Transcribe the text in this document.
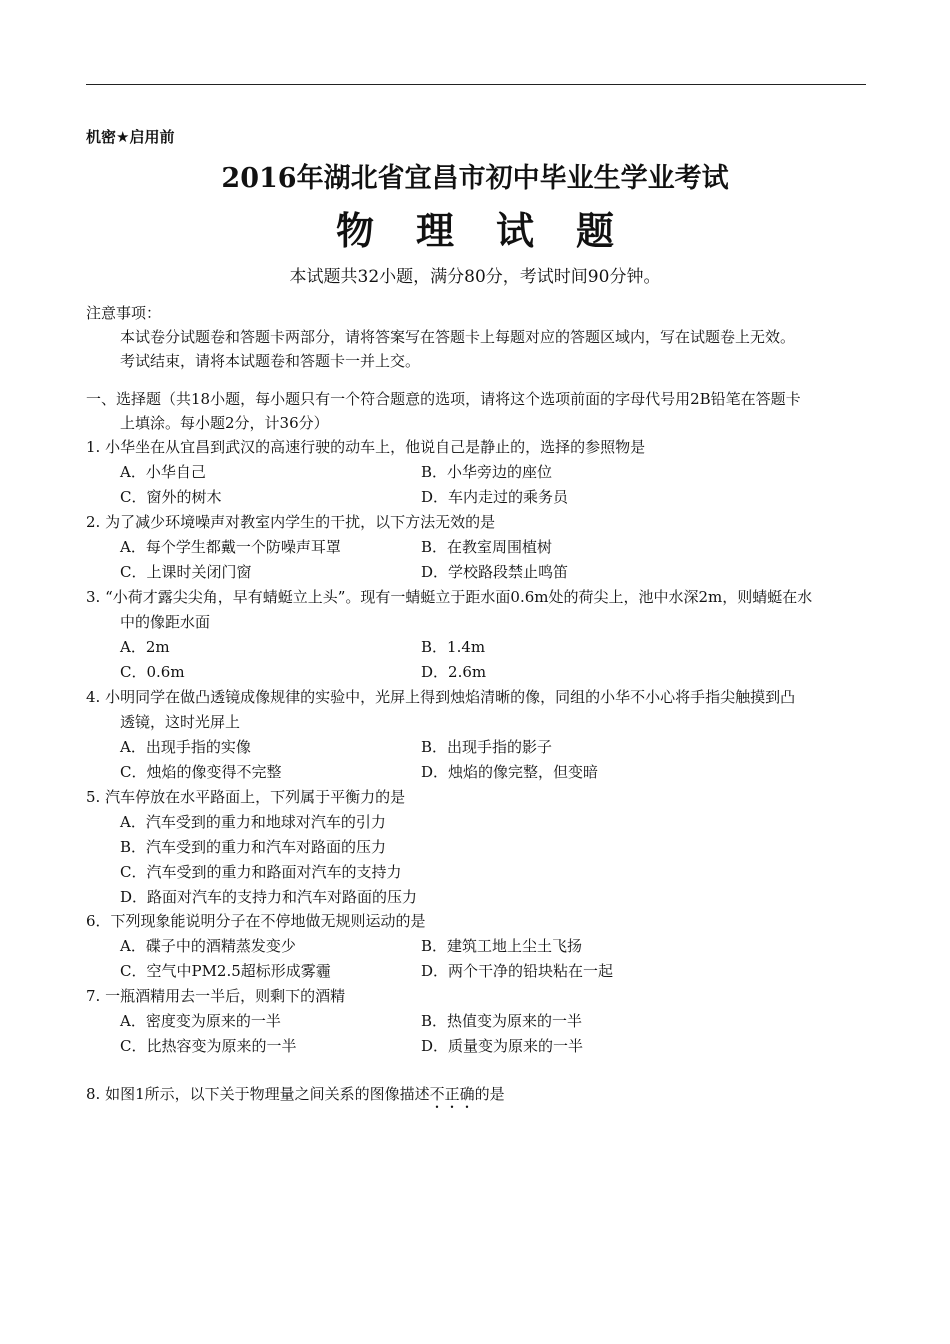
机密★启用前
2016年湖北省宜昌市初中毕业生学业考试
物理试题
本试题共32小题，满分80分，考试时间90分钟。
注意事项：
本试卷分试题卷和答题卡两部分，请将答案写在答题卡上每题对应的答题区域内，写在试题卷上无效。
考试结束，请将本试题卷和答题卡一并上交。
一、选择题（共18小题，每小题只有一个符合题意的选项，请将这个选项前面的字母代号用2B铅笔在答题卡
上填涂。每小题2分，计36分）
1. 小华坐在从宜昌到武汉的高速行驶的动车上，他说自己是静止的，选择的参照物是
A．小华自己	B．小华旁边的座位
C．窗外的树木	D．车内走过的乘务员
2. 为了减少环境噪声对教室内学生的干扰，以下方法无效的是
A．每个学生都戴一个防噪声耳罩	B．在教室周围植树
C．上课时关闭门窗	D．学校路段禁止鸣笛
3. “小荷才露尖尖角，早有蜻蜓立上头”。现有一蜻蜓立于距水面0.6m处的荷尖上，池中水深2m，则蜻蜓在水
中的像距水面
A．2m	B．1.4m
C．0.6m	D．2.6m
4. 小明同学在做凸透镜成像规律的实验中，光屏上得到烛焰清晰的像，同组的小华不小心将手指尖触摸到凸
透镜，这时光屏上
A．出现手指的实像	B．出现手指的影子
C．烛焰的像变得不完整	D．烛焰的像完整，但变暗
5. 汽车停放在水平路面上，下列属于平衡力的是
A．汽车受到的重力和地球对汽车的引力
B．汽车受到的重力和汽车对路面的压力
C．汽车受到的重力和路面对汽车的支持力
D．路面对汽车的支持力和汽车对路面的压力
6．下列现象能说明分子在不停地做无规则运动的是
A．碟子中的酒精蒸发变少	B．建筑工地上尘土飞扬
C．空气中PM2.5超标形成雾霾	D．两个干净的铅块粘在一起
7. 一瓶酒精用去一半后，则剩下的酒精
A．密度变为原来的一半	B．热值变为原来的一半
C．比热容变为原来的一半	D．质量变为原来的一半
8. 如图1所示，以下关于物理量之间关系的图像描述不正确的是
